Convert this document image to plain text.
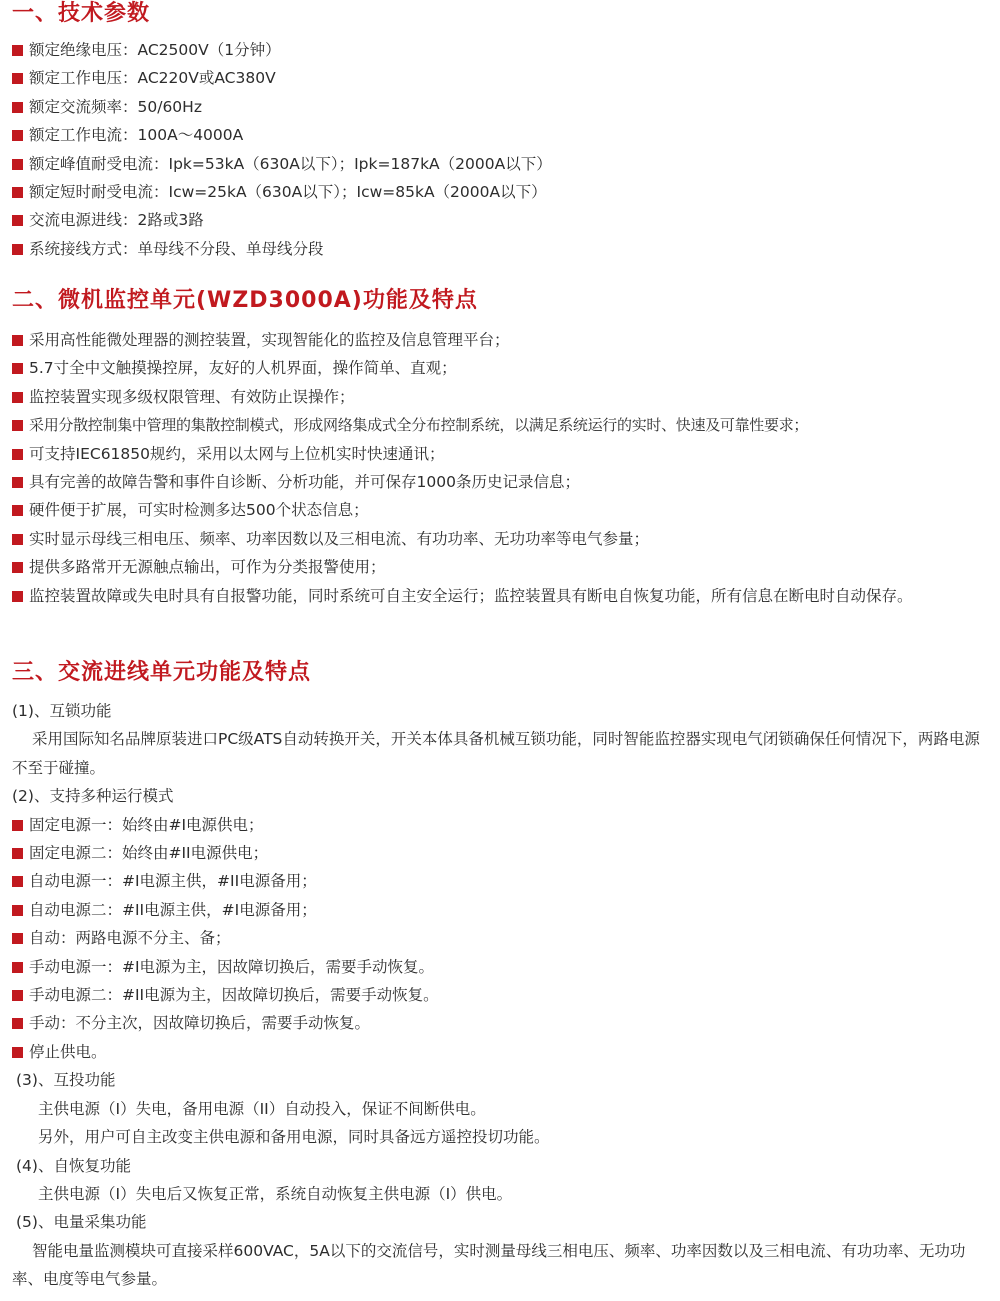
一、技术参数
额定绝缘电压：AC2500V（1分钟）
额定工作电压：AC220V或AC380V
额定交流频率：50/60Hz
额定工作电流：100A～4000A
额定峰值耐受电流：Ipk=53kA（630A以下）；Ipk=187kA（2000A以下）
额定短时耐受电流：Icw=25kA（630A以下）；Icw=85kA（2000A以下）
交流电源进线：2路或3路
系统接线方式：单母线不分段、单母线分段
二、微机监控单元(WZD3000A)功能及特点
采用高性能微处理器的测控装置，实现智能化的监控及信息管理平台；
5.7寸全中文触摸操控屏，友好的人机界面，操作简单、直观；
监控装置实现多级权限管理、有效防止误操作；
采用分散控制集中管理的集散控制模式，形成网络集成式全分布控制系统，以满足系统运行的实时、快速及可靠性要求；
可支持IEC61850规约，采用以太网与上位机实时快速通讯；
具有完善的故障告警和事件自诊断、分析功能，并可保存1000条历史记录信息；
硬件便于扩展，可实时检测多达500个状态信息；
实时显示母线三相电压、频率、功率因数以及三相电流、有功功率、无功功率等电气参量；
提供多路常开无源触点输出，可作为分类报警使用；
监控装置故障或失电时具有自报警功能，同时系统可自主安全运行；监控装置具有断电自恢复功能，所有信息在断电时自动保存。
三、交流进线单元功能及特点
(1)、互锁功能
采用国际知名品牌原装进口PC级ATS自动转换开关，开关本体具备机械互锁功能，同时智能监控器实现电气闭锁确保任何情况下，两路电源不至于碰撞。
(2)、支持多种运行模式
固定电源一：始终由#I电源供电；
固定电源二：始终由#II电源供电；
自动电源一：#I电源主供，#II电源备用；
自动电源二：#II电源主供，#I电源备用；
自动：两路电源不分主、备；
手动电源一：#I电源为主，因故障切换后，需要手动恢复。
手动电源二：#II电源为主，因故障切换后，需要手动恢复。
手动：不分主次，因故障切换后，需要手动恢复。
停止供电。
(3)、互投功能
主供电源（I）失电，备用电源（II）自动投入，保证不间断供电。
另外，用户可自主改变主供电源和备用电源，同时具备远方遥控投切功能。
(4)、自恢复功能
主供电源（I）失电后又恢复正常，系统自动恢复主供电源（I）供电。
(5)、电量采集功能
智能电量监测模块可直接采样600VAC，5A以下的交流信号，实时测量母线三相电压、频率、功率因数以及三相电流、有功功率、无功功率、电度等电气参量。
